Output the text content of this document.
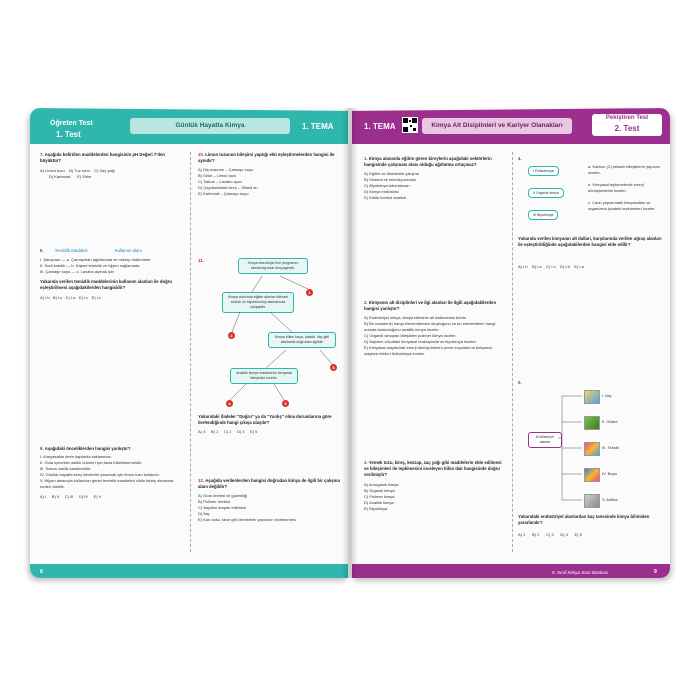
Öğreten Test
1. Test
Günlük Hayatta Kimya	1. TEMA
7. Aşağıda belirtilen maddelerden hangisinin pH Değeri 7'den büyüktür?
A) Limon tuzu B) Tuz ruhu C) Zaç yağı
D) Karbonat E) Sirke
8.	Temizlik Maddesi	Kullanım alanı
I. Şampuan — a. Çamaşırları ağartmada ve mikrop öldürmede
II. Sodi krastik — b. Kişisel temizlik ve hijyen sağlamada
III. Çamaşır suyu — c. Lavabo açmak için
Yukarıda verilen temizlik maddelerinin kullanım alanları ile doğru eşleştirilmesi aşağıdakilerden hangisidir?
A) I.b   B) I.c   C) I.a   D) I.c   E) I.c
9. Aşağıdaki önceliklerden hangisi yanlıştır?
I. Kimyasallar derin kaplarda saklanmaz.
II. Gıda içecekler asitlik ürünleri için fazla tüketilmemelidir.
III. Sabun asidik karakterlidir.
IV. Günlük hayatta kireç lekelerini çıkarmak için limon tuzu kullanılır.
V. Hijyen amacıyla kullanılan genel temizlik maddeleri cildin tahriş olmasına neden olabilir.
A) I B) II C) III D) IV E) V
10. Limon tuzunun bileşimi yaptığı etki eşleştirmelerden hangisi ile aynıdır?
A) Diş macunu – Çamaşır suyu
B) Sirke – Limon tuzu
C) Sabun – Lavabo açıcı
D) Çaydanlıktaki kireç – Sirkeli su
E) Karbonat – Çamaşır suyu
11.	Kimya teknolojisi ileri programın tamamlayıcılar kimyagerdir.
Kimya alanında eğitim alanlar bilimsel sözlük ve biyoteknoloji alanlarında çalışabilir.
Kimya bilimi boya, plastik, ilaç gibi alanlarda doğrudan ilgilidir.
Analitik kimya maddelerin kimyasal bileşimini inceler.
1
2
5
4	3
Yukarıdaki ifadeler "Doğru" ya da "Yanlış" olma durumlarına göre ilerlendiğinde hangi çıkışa ulaşılır?
A) 4 B) 1 C) 2 D) 3 E) 5
12. Aşağıda verilenlerden hangisi doğrudan kimya ile ilgili bir çalışma alanı değildir?
A) Gıda üretimi ve güvenliği
B) Polimer üretimi
C) İlaçların tespite edilmesi
D) İlaç
E) Kan doku, idrar gibi örneklerin yapısının incelenmesi
8
1. TEMA	Kimya Alt Disiplinleri ve Kariyer Olanakları
Pekiştiren Test
2. Test
1. Kimya alanında eğitim gören bireylerin aşağıdaki sektörlerin hangisinde çalışması olası olduğu ağıtlatma ortaçmaz?
A) Eğitim ve Akademik çalışma
B) Sinema ve televizyonculuk
C) Biyokimya laboratuvarı
D) Kimya endüstrisi
E) Kalite kontrol analisti
2. Kimyanın alt disiplinleri ve ilgi alanları ile ilgili aşağıdakilerden hangisi yanlıştır?
A) Endüstriyel kimya, kimya biliminin alt dallarından biridir.
B) Bir maddenin hangi elementlerden oluştuğunu ve bu elementlerin hangi oranda bulunduğunu analitik kimya inceler.
C) Organik simayan bileşikleri polimer kimya inceler.
D) İlaçların vücuttaki kimyasal reaksiyonlarını biyokimya inceler.
E) Kimyasal olaylardaki enerji dönüşümlerini çevre koşullarının kimyasal olaylara etkileri fizikokimya inceler.
3. Yemek tuzu, kireç, kezzap, zaç yağı gibi maddelerin elde edilmesi ve bileşimleri ile tepkimesini inceleyen bilim dalı hangisinde doğru verilmiştir?
A) Anorganik kimya
B) Organik kimya
C) Polimer kimya
D) Analitik kimya
E) Biyokimya
4.
I Fizikokimya
II Organik kimya
III Biyokimya
a. Karbon (C) tabanlı bileşiklerin yapısını inceler.
b. Kimyasal tepkimelerde enerji dönüşümlerini inceler.
c. Canlı yapısındaki kimyasalları ve organizma içindeki tepkimeleri inceler.
Yukarıda verilen kimyanın alt dalları, karşılarında verilen uğraş alanları ile eşleştirildiğinde aşağıdakilerden hangisi elde edilir?
A) I.b    B) I.a    C) I.c    D) I.b    E) I.a
5.
Endüstriyel alanlar
I. İlaç
II. Gübre
III. Tekstil
IV. Boya
V. Antika
Yukarıdaki endüstriyel alanlardan kaç tanesinde kimya bilimiden yararlanılır?
A) 1 B) 2 C) 3 D) 4 E) 5
9. Sınıf Kimya Soru Bankası	9
